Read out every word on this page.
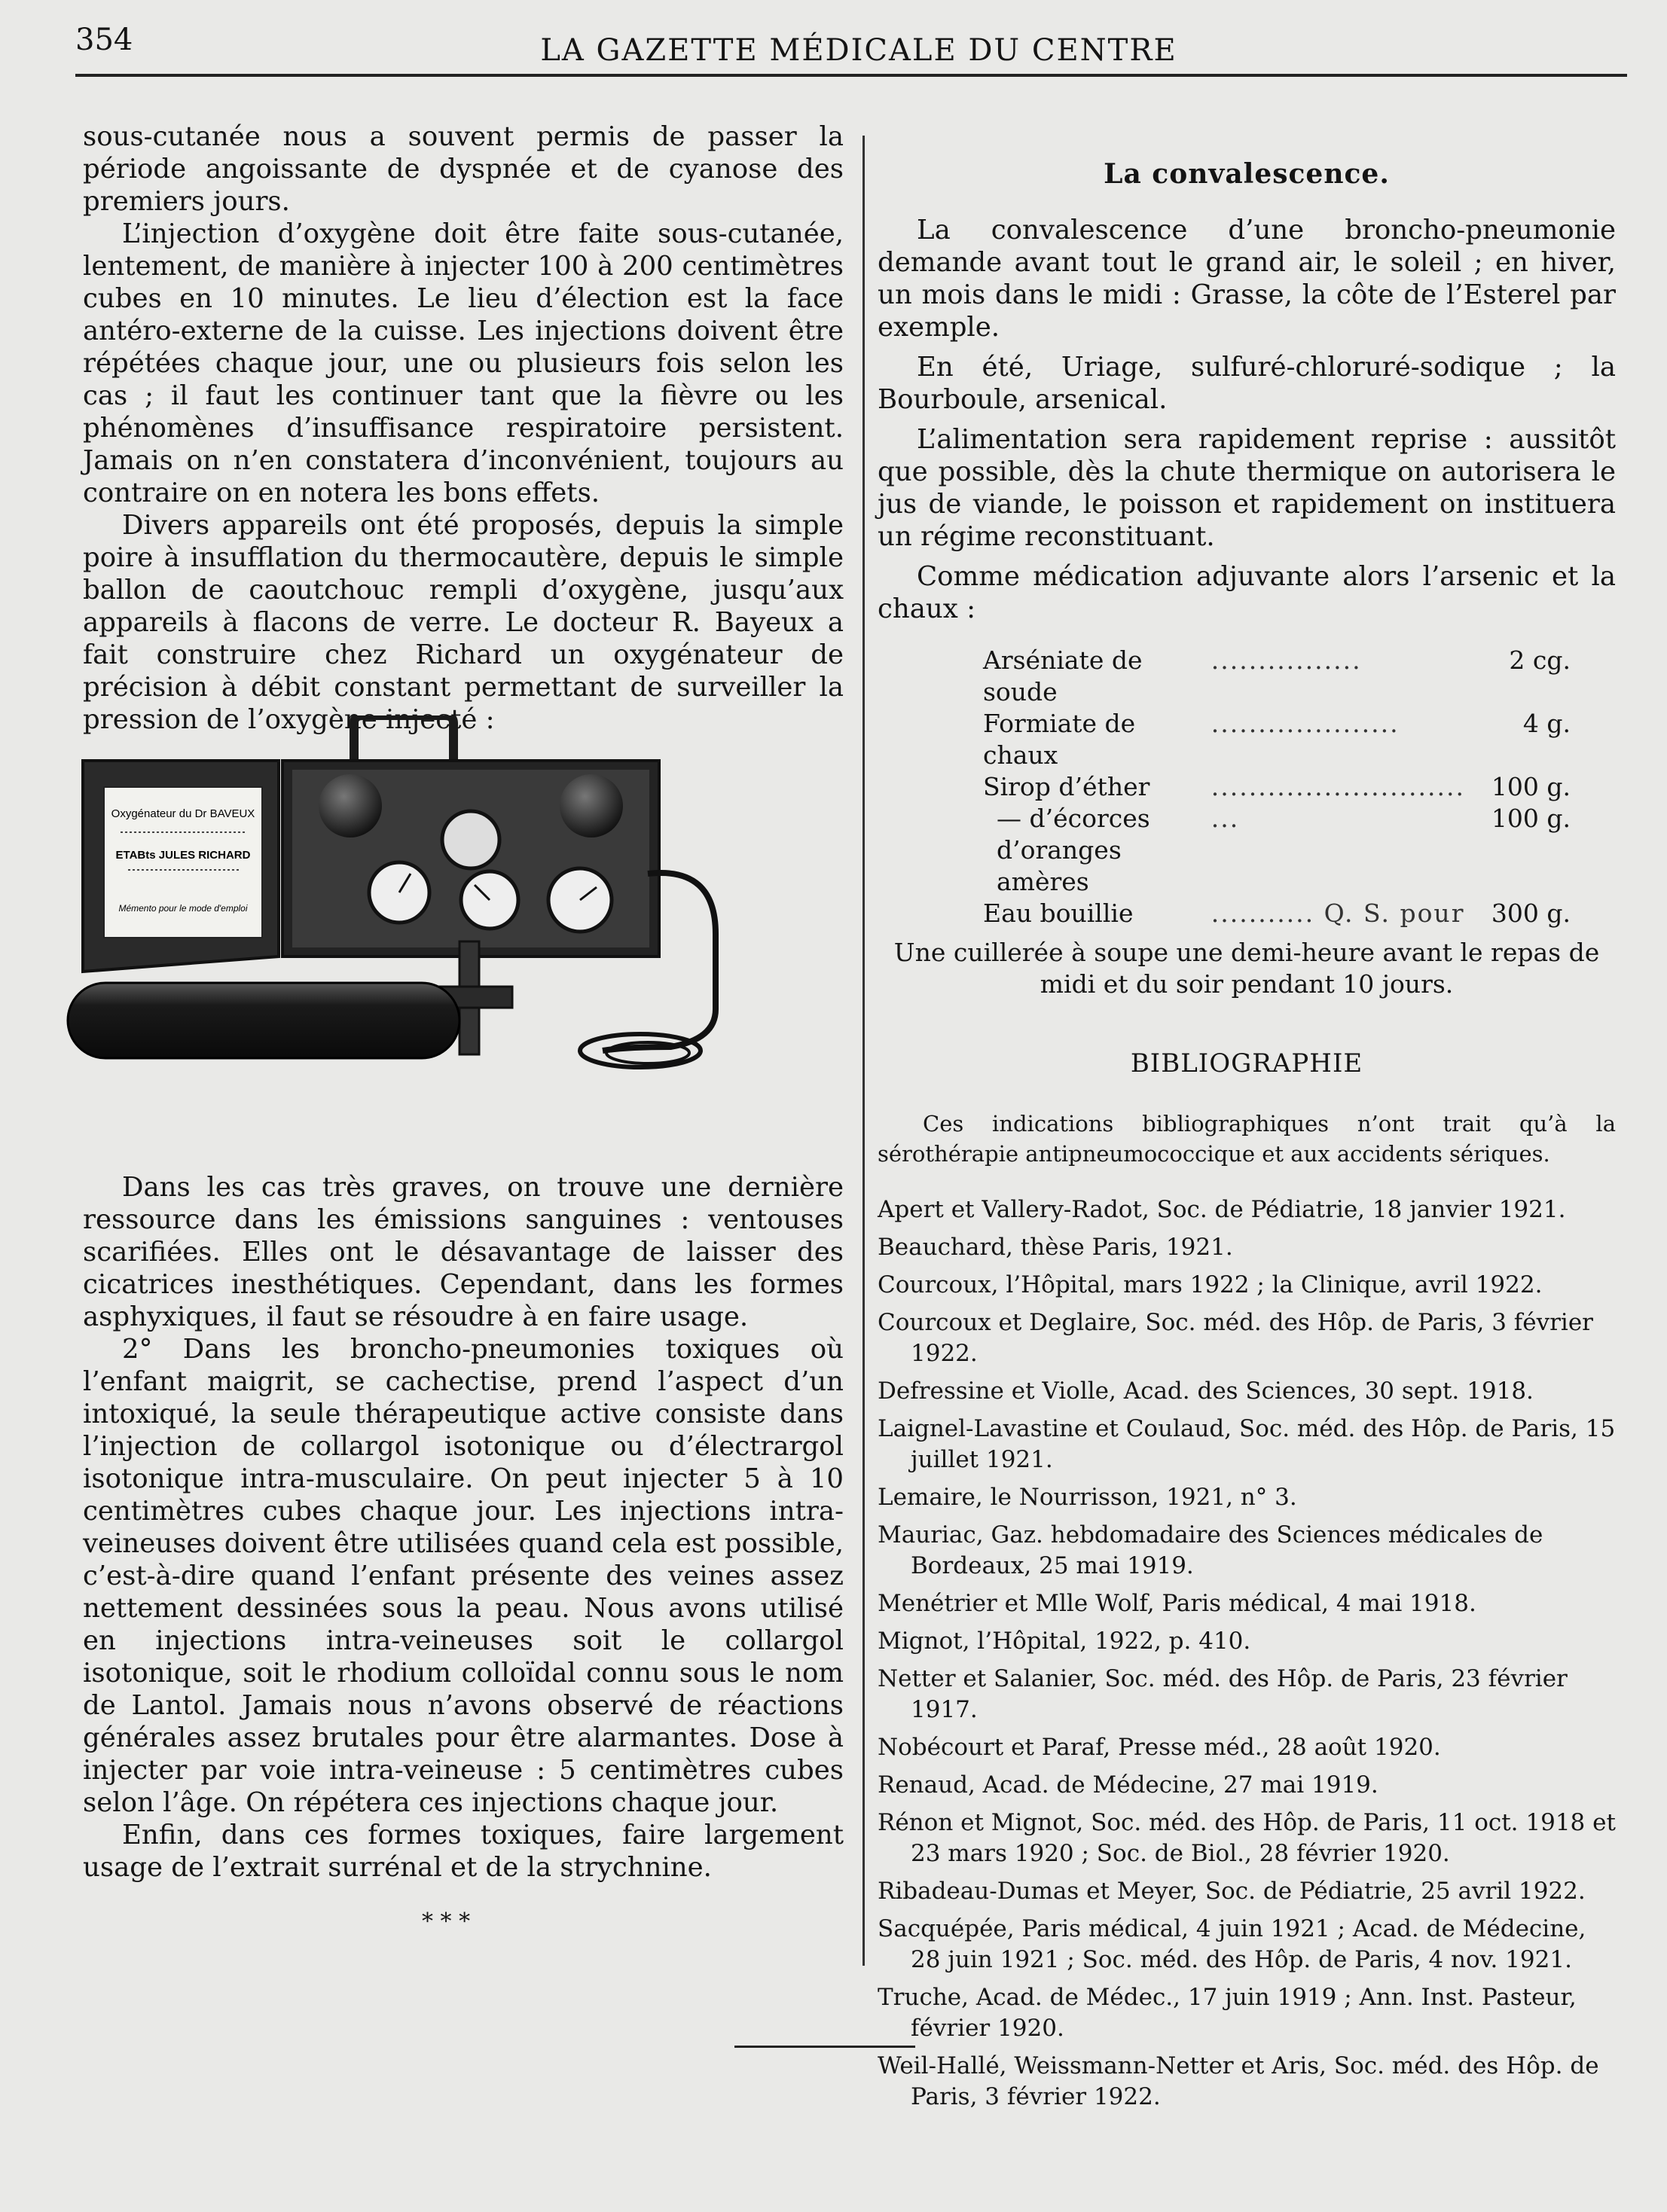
354	LA GAZETTE MÉDICALE DU CENTRE

sous-cutanée nous a souvent permis de passer la période angoissante de dyspnée et de cyanose des premiers jours.

L’injection d’oxygène doit être faite sous-cutanée, lentement, de manière à injecter 100 à 200 centimètres cubes en 10 minutes. Le lieu d’élection est la face antéro-externe de la cuisse. Les injections doivent être répétées chaque jour, une ou plusieurs fois selon les cas ; il faut les continuer tant que la fièvre ou les phénomènes d’insuffisance respiratoire persistent. Jamais on n’en constatera d’inconvénient, toujours au contraire on en notera les bons effets.

Divers appareils ont été proposés, depuis la simple poire à insufflation du thermocautère, depuis le simple ballon de caoutchouc rempli d’oxygène, jusqu’aux appareils à flacons de verre. Le docteur R. Bayeux a fait construire chez Richard un oxygénateur de précision à débit constant permettant de surveiller la pression de l’oxygène injecté :

Oxygénateur du Dr BAVEUX
ETABts JULES RICHARD
Mémento pour le mode d'emploi

Dans les cas très graves, on trouve une dernière ressource dans les émissions sanguines : ventouses scarifiées. Elles ont le désavantage de laisser des cicatrices inesthétiques. Cependant, dans les formes asphyxiques, il faut se résoudre à en faire usage.

2° Dans les broncho-pneumonies toxiques où l’enfant maigrit, se cachectise, prend l’aspect d’un intoxiqué, la seule thérapeutique active consiste dans l’injection de collargol isotonique ou d’électrargol isotonique intra-musculaire. On peut injecter 5 à 10 centimètres cubes chaque jour. Les injections intra-veineuses doivent être utilisées quand cela est possible, c’est-à-dire quand l’enfant présente des veines assez nettement dessinées sous la peau. Nous avons utilisé en injections intra-veineuses soit le collargol isotonique, soit le rhodium colloïdal connu sous le nom de Lantol. Jamais nous n’avons observé de réactions générales assez brutales pour être alarmantes. Dose à injecter par voie intra-veineuse : 5 centimètres cubes selon l’âge. On répétera ces injections chaque jour.

Enfin, dans ces formes toxiques, faire largement usage de l’extrait surrénal et de la strychnine.

* * *
La convalescence.

La convalescence d’une broncho-pneumonie demande avant tout le grand air, le soleil ; en hiver, un mois dans le midi : Grasse, la côte de l’Esterel par exemple.

En été, Uriage, sulfuré-chloruré-sodique ; la Bourboule, arsenical.

L’alimentation sera rapidement reprise : aussitôt que possible, dès la chute thermique on autorisera le jus de viande, le poisson et rapidement on instituera un régime reconstituant.

Comme médication adjuvante alors l’arsenic et la chaux :

Arséniate de soude	................	2 cg.
Formiate de chaux	....................	4 g.
Sirop d’éther	...........................	100 g.
— d’écorces d’oranges amères	...	100 g.
Eau bouillie	........... Q. S. pour	300 g.
Une cuillerée à soupe une demi-heure avant le repas de midi et du soir pendant 10 jours.
BIBLIOGRAPHIE

Ces indications bibliographiques n’ont trait qu’à la sérothérapie antipneumococcique et aux accidents sériques.

Apert et Vallery-Radot, Soc. de Pédiatrie, 18 janvier 1921.

Beauchard, thèse Paris, 1921.

Courcoux, l’Hôpital, mars 1922 ; la Clinique, avril 1922.

Courcoux et Deglaire, Soc. méd. des Hôp. de Paris, 3 février 1922.

Defressine et Violle, Acad. des Sciences, 30 sept. 1918.

Laignel-Lavastine et Coulaud, Soc. méd. des Hôp. de Paris, 15 juillet 1921.

Lemaire, le Nourrisson, 1921, n° 3.

Mauriac, Gaz. hebdomadaire des Sciences médicales de Bordeaux, 25 mai 1919.

Menétrier et Mlle Wolf, Paris médical, 4 mai 1918.

Mignot, l’Hôpital, 1922, p. 410.

Netter et Salanier, Soc. méd. des Hôp. de Paris, 23 février 1917.

Nobécourt et Paraf, Presse méd., 28 août 1920.

Renaud, Acad. de Médecine, 27 mai 1919.

Rénon et Mignot, Soc. méd. des Hôp. de Paris, 11 oct. 1918 et 23 mars 1920 ; Soc. de Biol., 28 février 1920.

Ribadeau-Dumas et Meyer, Soc. de Pédiatrie, 25 avril 1922.

Sacquépée, Paris médical, 4 juin 1921 ; Acad. de Médecine, 28 juin 1921 ; Soc. méd. des Hôp. de Paris, 4 nov. 1921.

Truche, Acad. de Médec., 17 juin 1919 ; Ann. Inst. Pasteur, février 1920.

Weil-Hallé, Weissmann-Netter et Aris, Soc. méd. des Hôp. de Paris, 3 février 1922.
